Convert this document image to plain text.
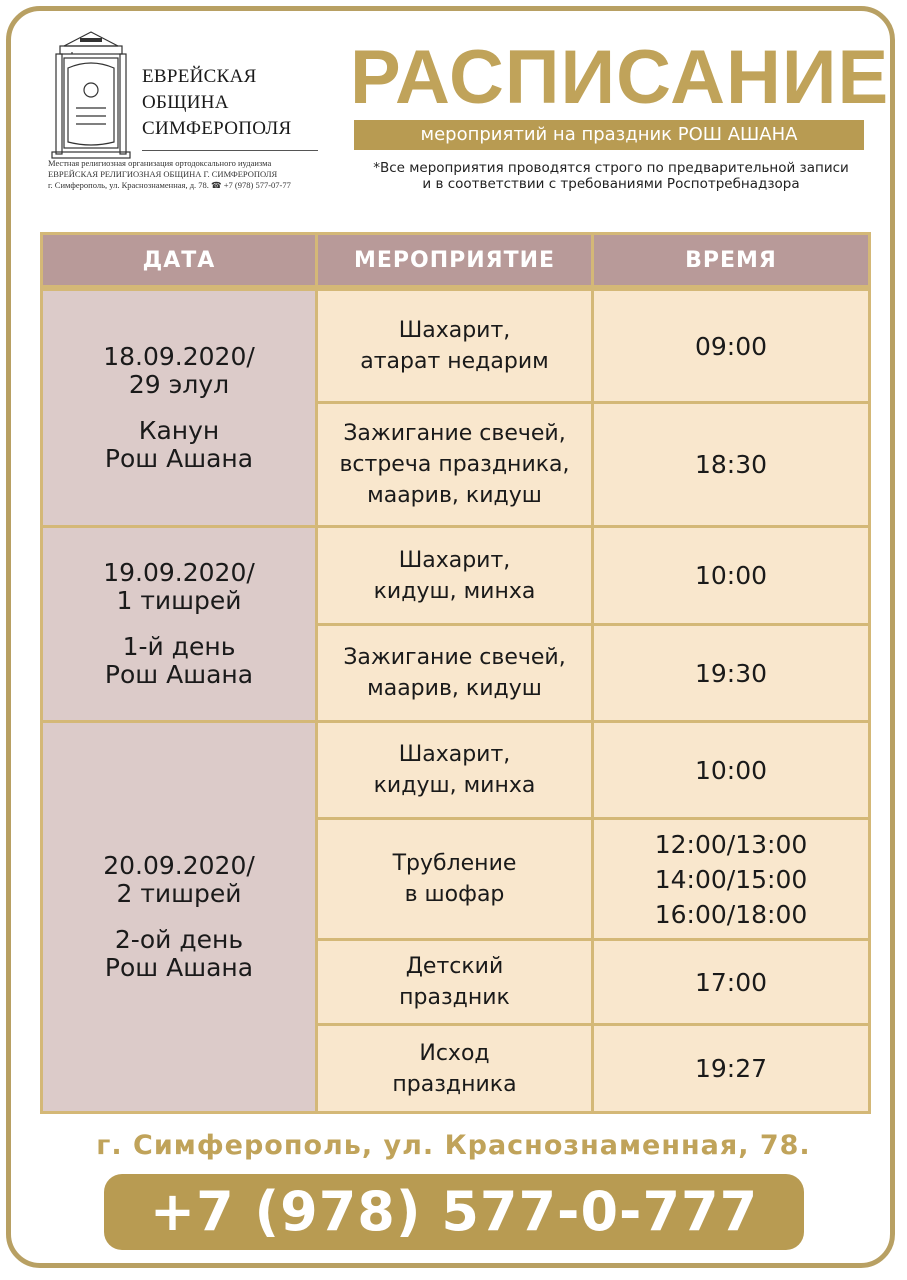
ЕВРЕЙСКАЯ
ОБЩИНА
СИМФЕРОПОЛЯ
Местная религиозная организация ортодоксального иудаизма
ЕВРЕЙСКАЯ РЕЛИГИОЗНАЯ ОБЩИНА Г. СИМФЕРОПОЛЯ
г. Симферополь, ул. Краснознаменная, д. 78. ☎ +7 (978) 577-07-77
РАСПИСАНИЕ
мероприятий на праздник РОШ АШАНА
*Все мероприятия проводятся строго по предварительной записи
и в соответствии с требованиями Роспотребнадзора
ДАТА	МЕРОПРИЯТИЕ	ВРЕМЯ
18.09.2020/
29 элул
Канун
Рош Ашана
Шахарит,
атарат недарим
09:00
Зажигание свечей,
встреча праздника,
маарив, кидуш
18:30
19.09.2020/
1 тишрей
1-й день
Рош Ашана
Шахарит,
кидуш, минха
10:00
Зажигание свечей,
маарив, кидуш
19:30
20.09.2020/
2 тишрей
2-ой день
Рош Ашана
Шахарит,
кидуш, минха
10:00
Трубление
в шофар
12:00/13:00
14:00/15:00
16:00/18:00
Детский
праздник
17:00
Исход
праздника
19:27
г. Симферополь, ул. Краснознаменная, 78.
+7 (978) 577-0-777
